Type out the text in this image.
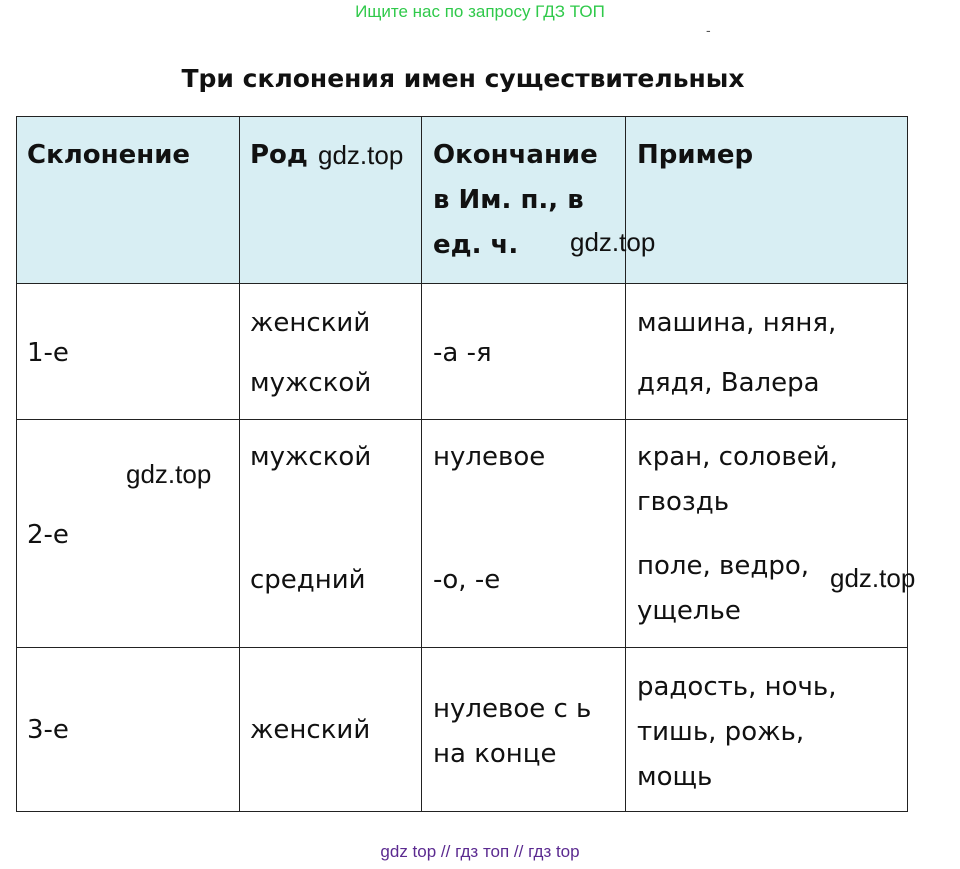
Ищите нас по запросу ГДЗ ТОП
-
Три склонения имен существительных
Склонение Род	Окончание
в Им. п., в
ед. ч.
Пример
1-е
женский
мужской
-а -я
машина, няня,
дядя, Валера
2-е
мужской
средний
нулевое
-о, -е
кран, соловей,
гвоздь
поле, ведро,
ущелье
3-е	женский
нулевое с ь
на конце
радость, ночь,
тишь, рожь,
мощь
gdz.top
gdz.top
gdz.top
gdz.top
gdz top // гдз топ // гдз top
